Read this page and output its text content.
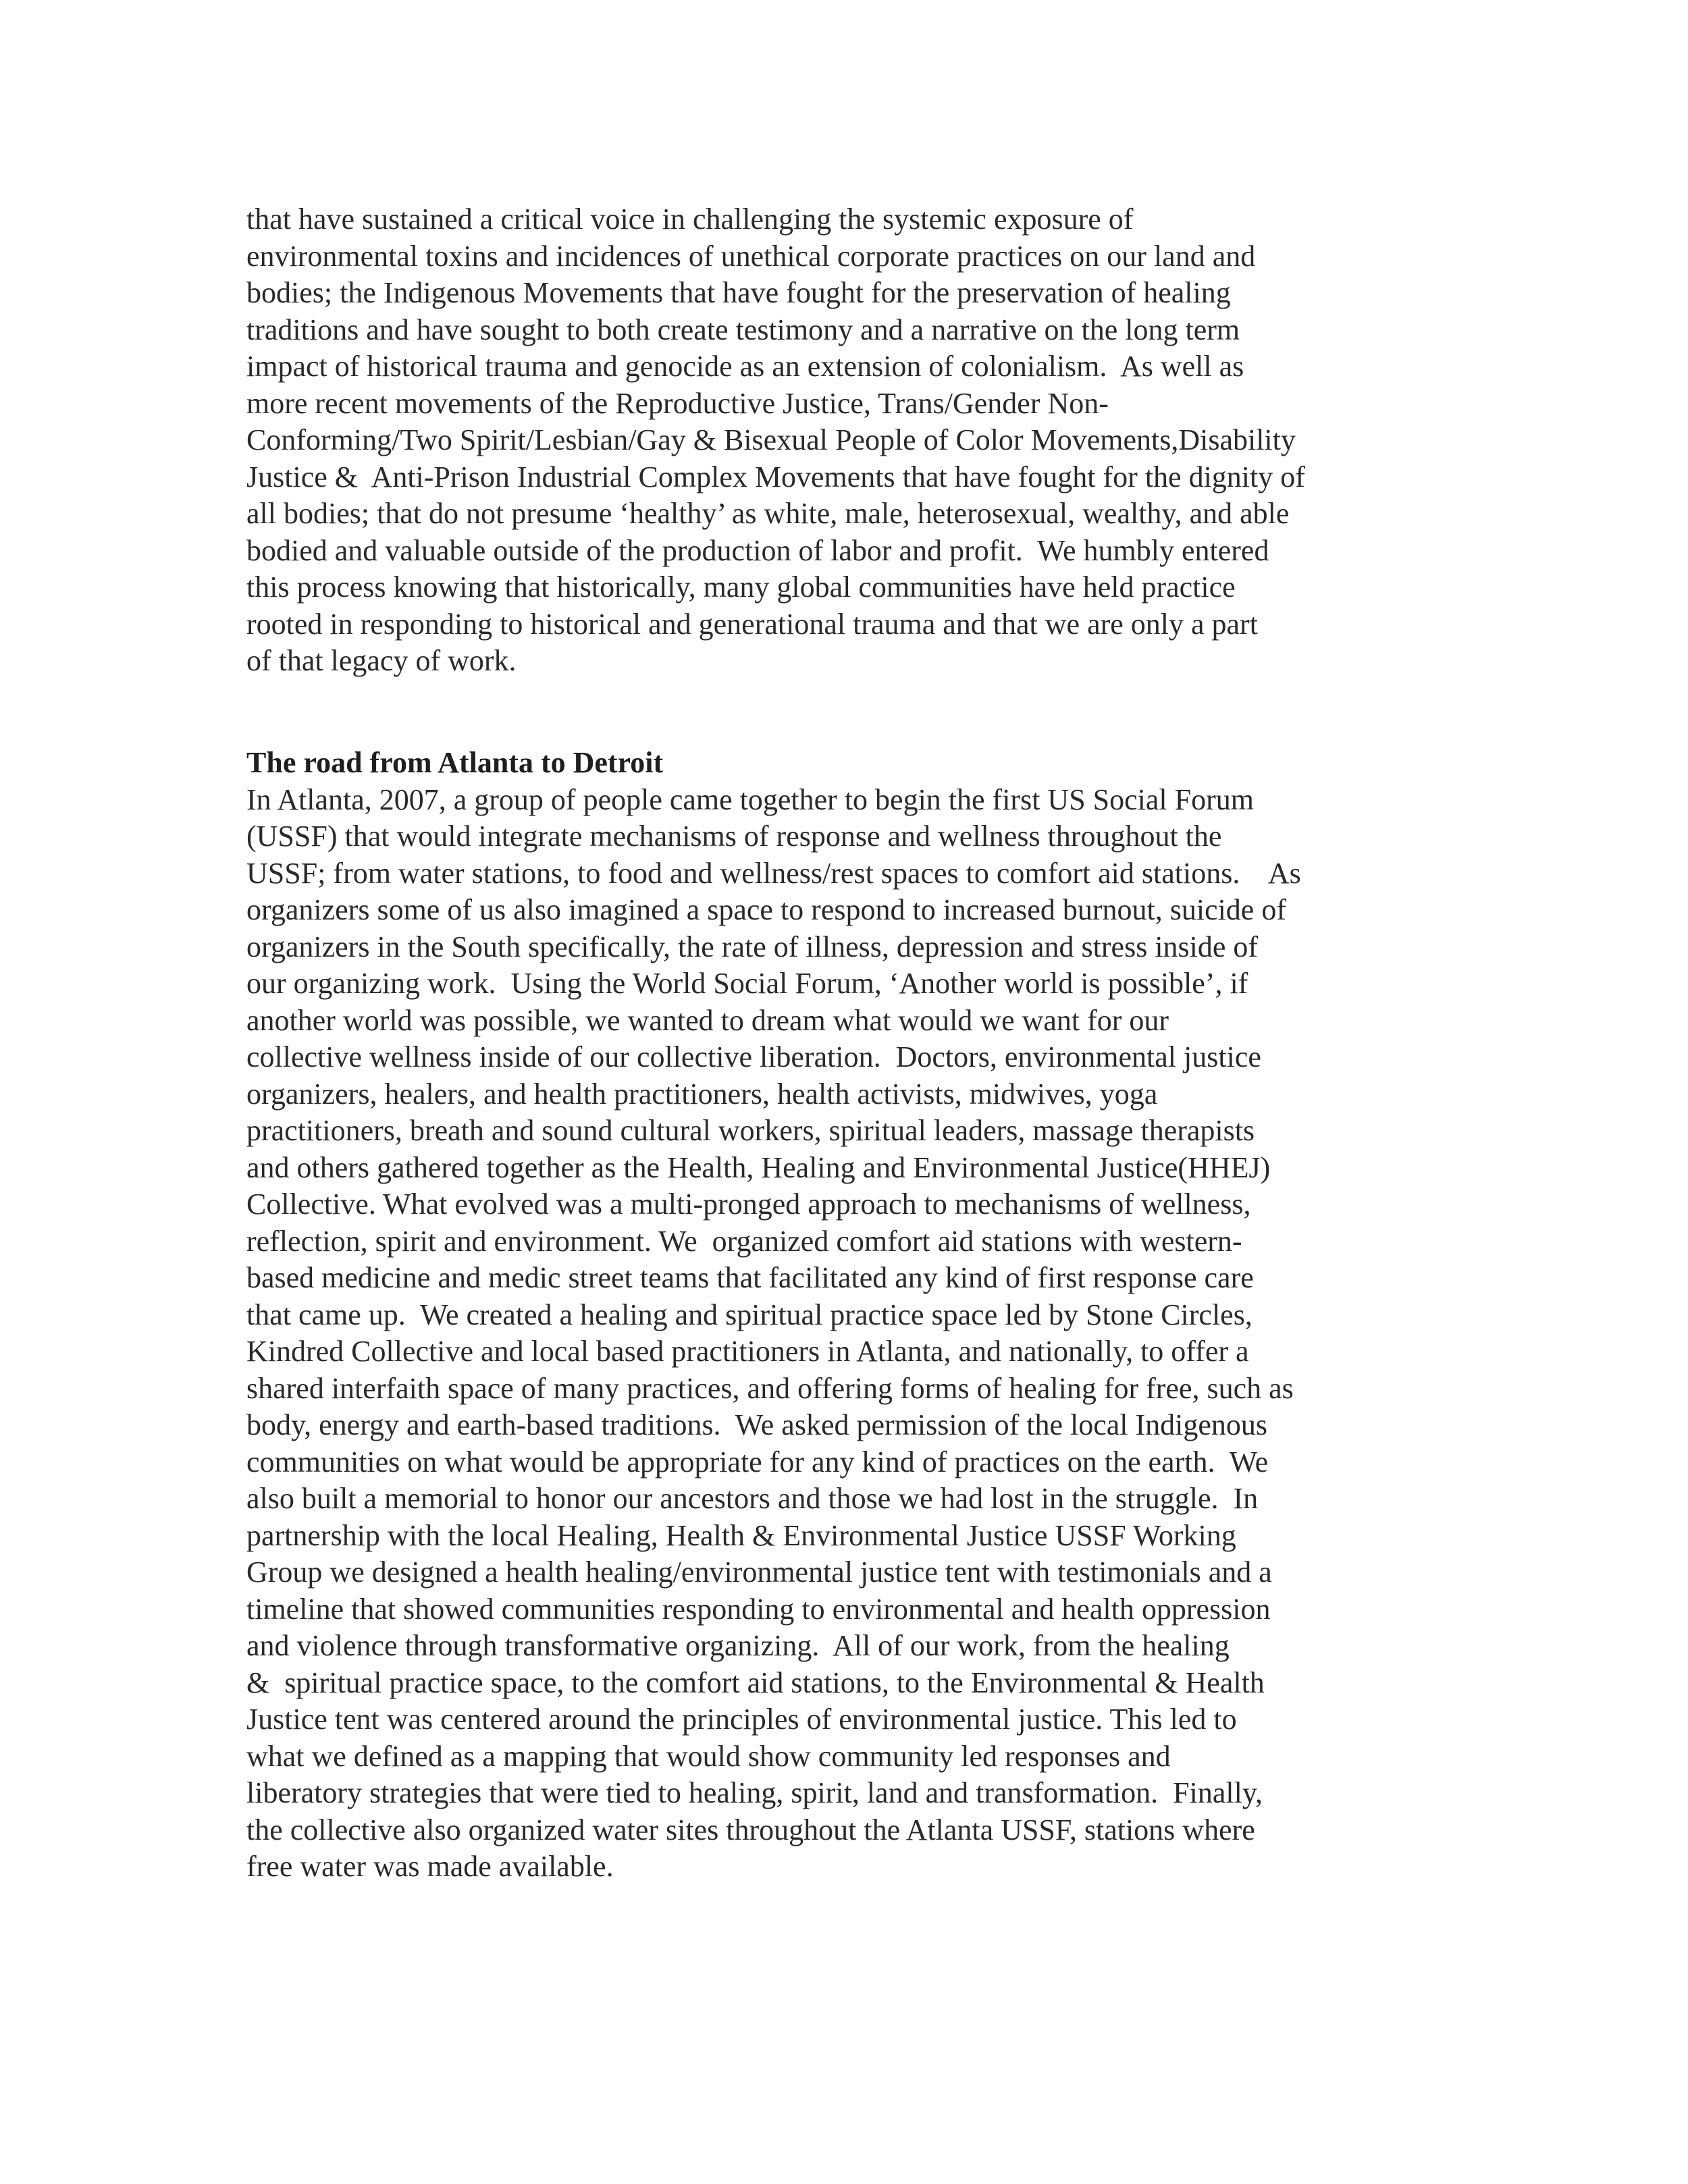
that have sustained a critical voice in challenging the systemic exposure of
environmental toxins and incidences of unethical corporate practices on our land and
bodies; the Indigenous Movements that have fought for the preservation of healing
traditions and have sought to both create testimony and a narrative on the long term
impact of historical trauma and genocide as an extension of colonialism.  As well as
more recent movements of the Reproductive Justice, Trans/Gender Non-
Conforming/Two Spirit/Lesbian/Gay & Bisexual People of Color Movements,Disability
Justice &  Anti-Prison Industrial Complex Movements that have fought for the dignity of
all bodies; that do not presume ‘healthy’ as white, male, heterosexual, wealthy, and able
bodied and valuable outside of the production of labor and profit.  We humbly entered
this process knowing that historically, many global communities have held practice
rooted in responding to historical and generational trauma and that we are only a part
of that legacy of work.
The road from Atlanta to Detroit
In Atlanta, 2007, a group of people came together to begin the first US Social Forum
(USSF) that would integrate mechanisms of response and wellness throughout the
USSF; from water stations, to food and wellness/rest spaces to comfort aid stations.    As
organizers some of us also imagined a space to respond to increased burnout, suicide of
organizers in the South specifically, the rate of illness, depression and stress inside of
our organizing work.  Using the World Social Forum, ‘Another world is possible’, if
another world was possible, we wanted to dream what would we want for our
collective wellness inside of our collective liberation.  Doctors, environmental justice
organizers, healers, and health practitioners, health activists, midwives, yoga
practitioners, breath and sound cultural workers, spiritual leaders, massage therapists
and others gathered together as the Health, Healing and Environmental Justice(HHEJ)
Collective. What evolved was a multi-pronged approach to mechanisms of wellness,
reflection, spirit and environment. We  organized comfort aid stations with western-
based medicine and medic street teams that facilitated any kind of first response care
that came up.  We created a healing and spiritual practice space led by Stone Circles,
Kindred Collective and local based practitioners in Atlanta, and nationally, to offer a
shared interfaith space of many practices, and offering forms of healing for free, such as
body, energy and earth-based traditions.  We asked permission of the local Indigenous
communities on what would be appropriate for any kind of practices on the earth.  We
also built a memorial to honor our ancestors and those we had lost in the struggle.  In
partnership with the local Healing, Health & Environmental Justice USSF Working
Group we designed a health healing/environmental justice tent with testimonials and a
timeline that showed communities responding to environmental and health oppression
and violence through transformative organizing.  All of our work, from the healing
&  spiritual practice space, to the comfort aid stations, to the Environmental & Health
Justice tent was centered around the principles of environmental justice. This led to
what we defined as a mapping that would show community led responses and
liberatory strategies that were tied to healing, spirit, land and transformation.  Finally,
the collective also organized water sites throughout the Atlanta USSF, stations where
free water was made available.
